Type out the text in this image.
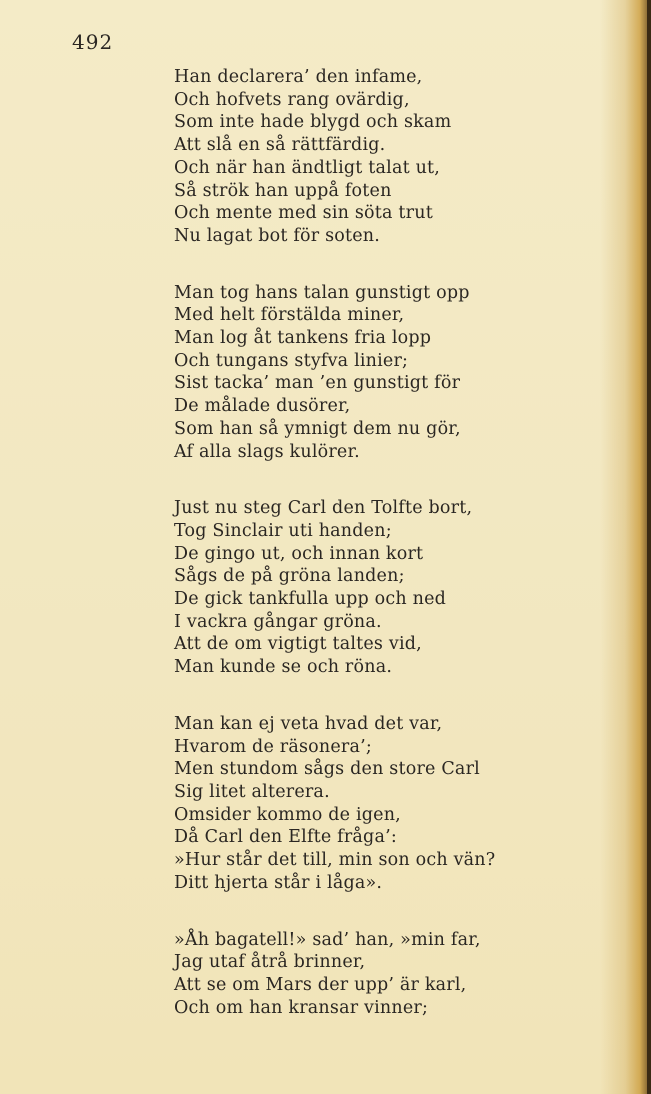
492
Han declarera’ den infame,
Och hofvets rang ovärdig,
Som inte hade blygd och skam
Att slå en så rättfärdig.
Och när han ändtligt talat ut,
Så strök han uppå foten
Och mente med sin söta trut
Nu lagat bot för soten.
Man tog hans talan gunstigt opp
Med helt förstälda miner,
Man log åt tankens fria lopp
Och tungans styfva linier;
Sist tacka’ man ’en gunstigt för
De målade dusörer,
Som han så ymnigt dem nu gör,
Af alla slags kulörer.
Just nu steg Carl den Tolfte bort,
Tog Sinclair uti handen;
De gingo ut, och innan kort
Sågs de på gröna landen;
De gick tankfulla upp och ned
I vackra gångar gröna.
Att de om vigtigt taltes vid,
Man kunde se och röna.
Man kan ej veta hvad det var,
Hvarom de räsonera’;
Men stundom sågs den store Carl
Sig litet alterera.
Omsider kommo de igen,
Då Carl den Elfte fråga’:
»Hur står det till, min son och vän?
Ditt hjerta står i låga».
»Åh bagatell!» sad’ han, »min far,
Jag utaf åtrå brinner,
Att se om Mars der upp’ är karl,
Och om han kransar vinner;
